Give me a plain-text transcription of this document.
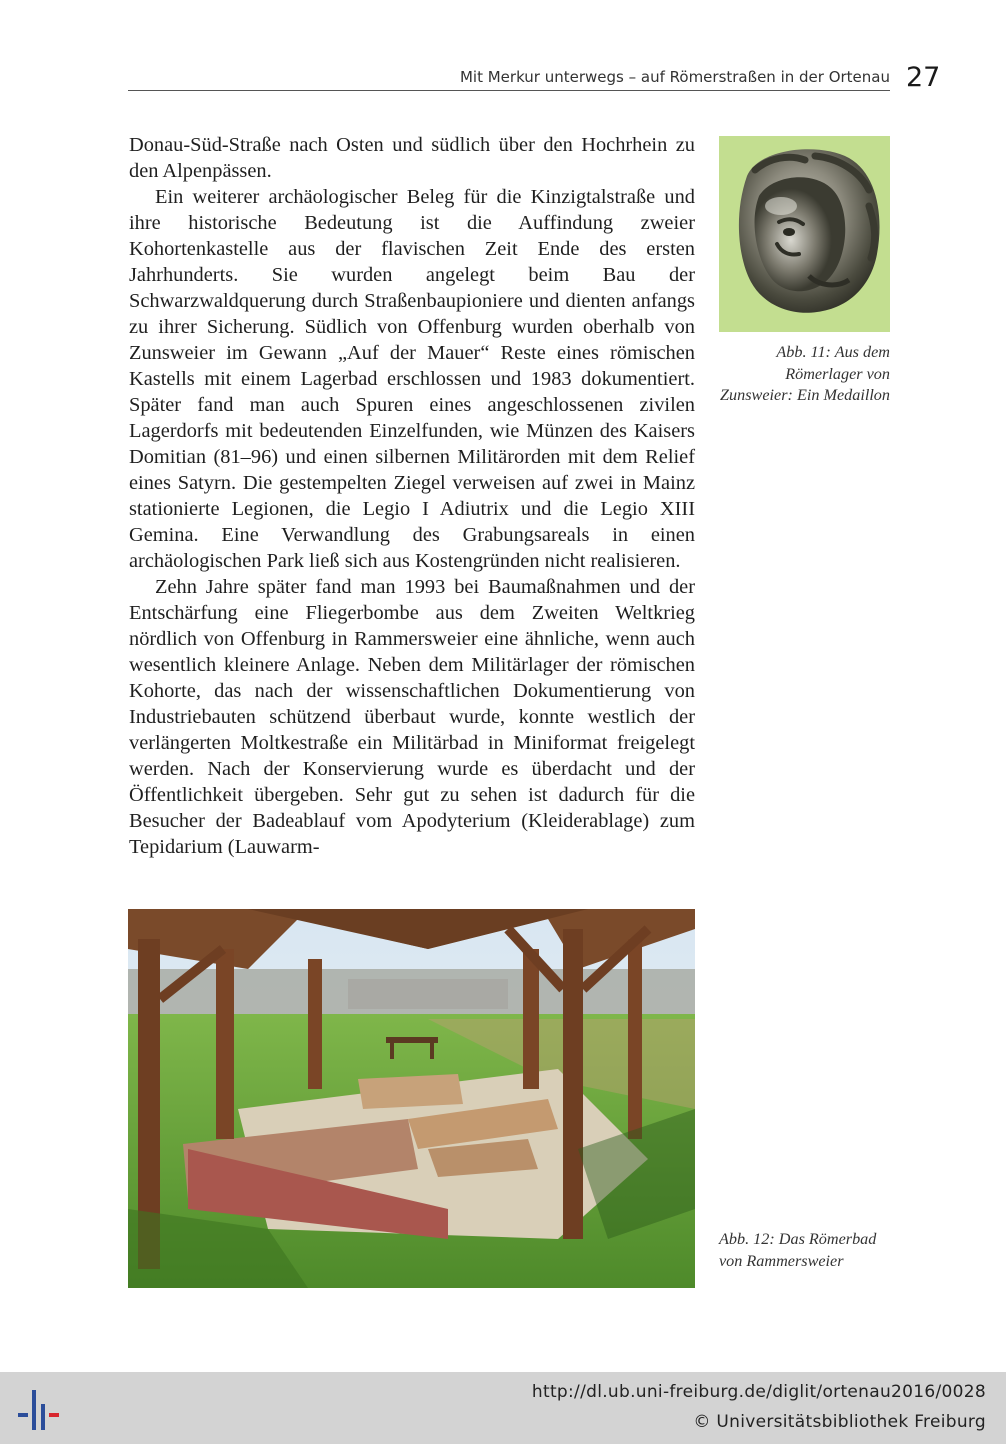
Mit Merkur unterwegs – auf Römerstraßen in der Ortenau 27

Donau-Süd-Straße nach Osten und südlich über den Hochrhein zu den Alpenpässen.

Ein weiterer archäologischer Beleg für die Kinzigtalstraße und ihre historische Bedeutung ist die Auffindung zweier Kohortenkastelle aus der flavischen Zeit Ende des ersten Jahrhunderts. Sie wurden angelegt beim Bau der Schwarzwaldquerung durch Straßenbaupioniere und dienten anfangs zu ihrer Sicherung. Südlich von Offenburg wurden oberhalb von Zunsweier im Gewann „Auf der Mauer“ Reste eines römischen Kastells mit einem Lagerbad erschlossen und 1983 dokumentiert. Später fand man auch Spuren eines angeschlossenen zivilen Lagerdorfs mit bedeutenden Einzelfunden, wie Münzen des Kaisers Domitian (81–96) und einen silbernen Militärorden mit dem Relief eines Satyrn. Die gestempelten Ziegel verweisen auf zwei in Mainz stationierte Legionen, die Legio I Adiutrix und die Legio XIII Gemina. Eine Verwandlung des Grabungsareals in einen archäologischen Park ließ sich aus Kostengründen nicht realisieren.

Zehn Jahre später fand man 1993 bei Baumaßnahmen und der Entschärfung eine Fliegerbombe aus dem Zweiten Weltkrieg nördlich von Offenburg in Rammersweier eine ähnliche, wenn auch wesentlich kleinere Anlage. Neben dem Militärlager der römischen Kohorte, das nach der wissenschaftlichen Dokumentierung von Industriebauten schützend überbaut wurde, konnte westlich der verlängerten Moltkestraße ein Militärbad in Miniformat freigelegt werden. Nach der Konservierung wurde es überdacht und der Öffentlichkeit übergeben. Sehr gut zu sehen ist dadurch für die Besucher der Badeablauf vom Apodyterium (Kleiderablage) zum Tepidarium (Lauwarm-

Abb. 11: Aus dem Römerlager von Zunsweier: Ein Medaillon
Abb. 12: Das Römerbad von Rammersweier
http://dl.ub.uni-freiburg.de/diglit/ortenau2016/0028
© Universitätsbibliothek Freiburg
